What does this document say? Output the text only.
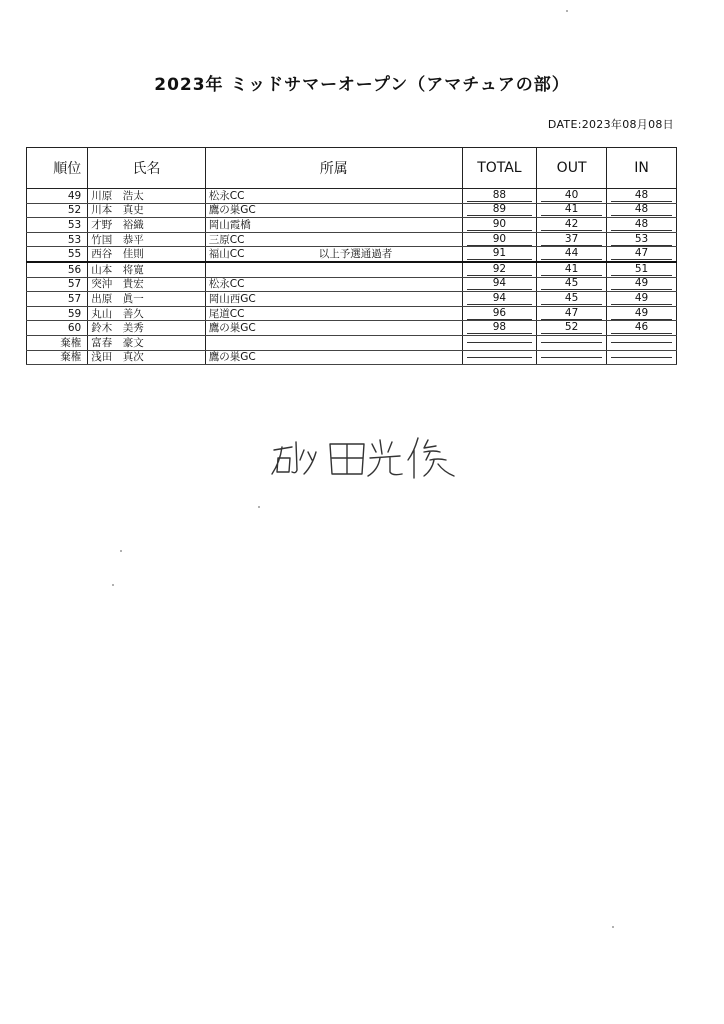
2023年 ミッドサマーオープン（アマチュアの部）
DATE:2023年08月08日
順位	氏名	所属	TOTAL	OUT	IN
49	川原　浩太	松永CC	88	40	48

52	川本　真史	鷹の巣GC	89	41	48

53	才野　裕織	岡山霞橋	90	42	48

53	竹国　恭平	三原CC	90	37	53

55	西谷　佳則	福山CC 以上予選通過者	91	44	47

56	山本　将寛		92	41	51

57	突沖　貴宏	松永CC	94	45	49

57	出原　眞一	岡山西GC	94	45	49

59	丸山　善久	尾道CC	96	47	49

60	鈴木　美秀	鷹の巣GC	98	52	46

棄権	富春　豪文		

棄権	浅田　真次	鷹の巣GC	
